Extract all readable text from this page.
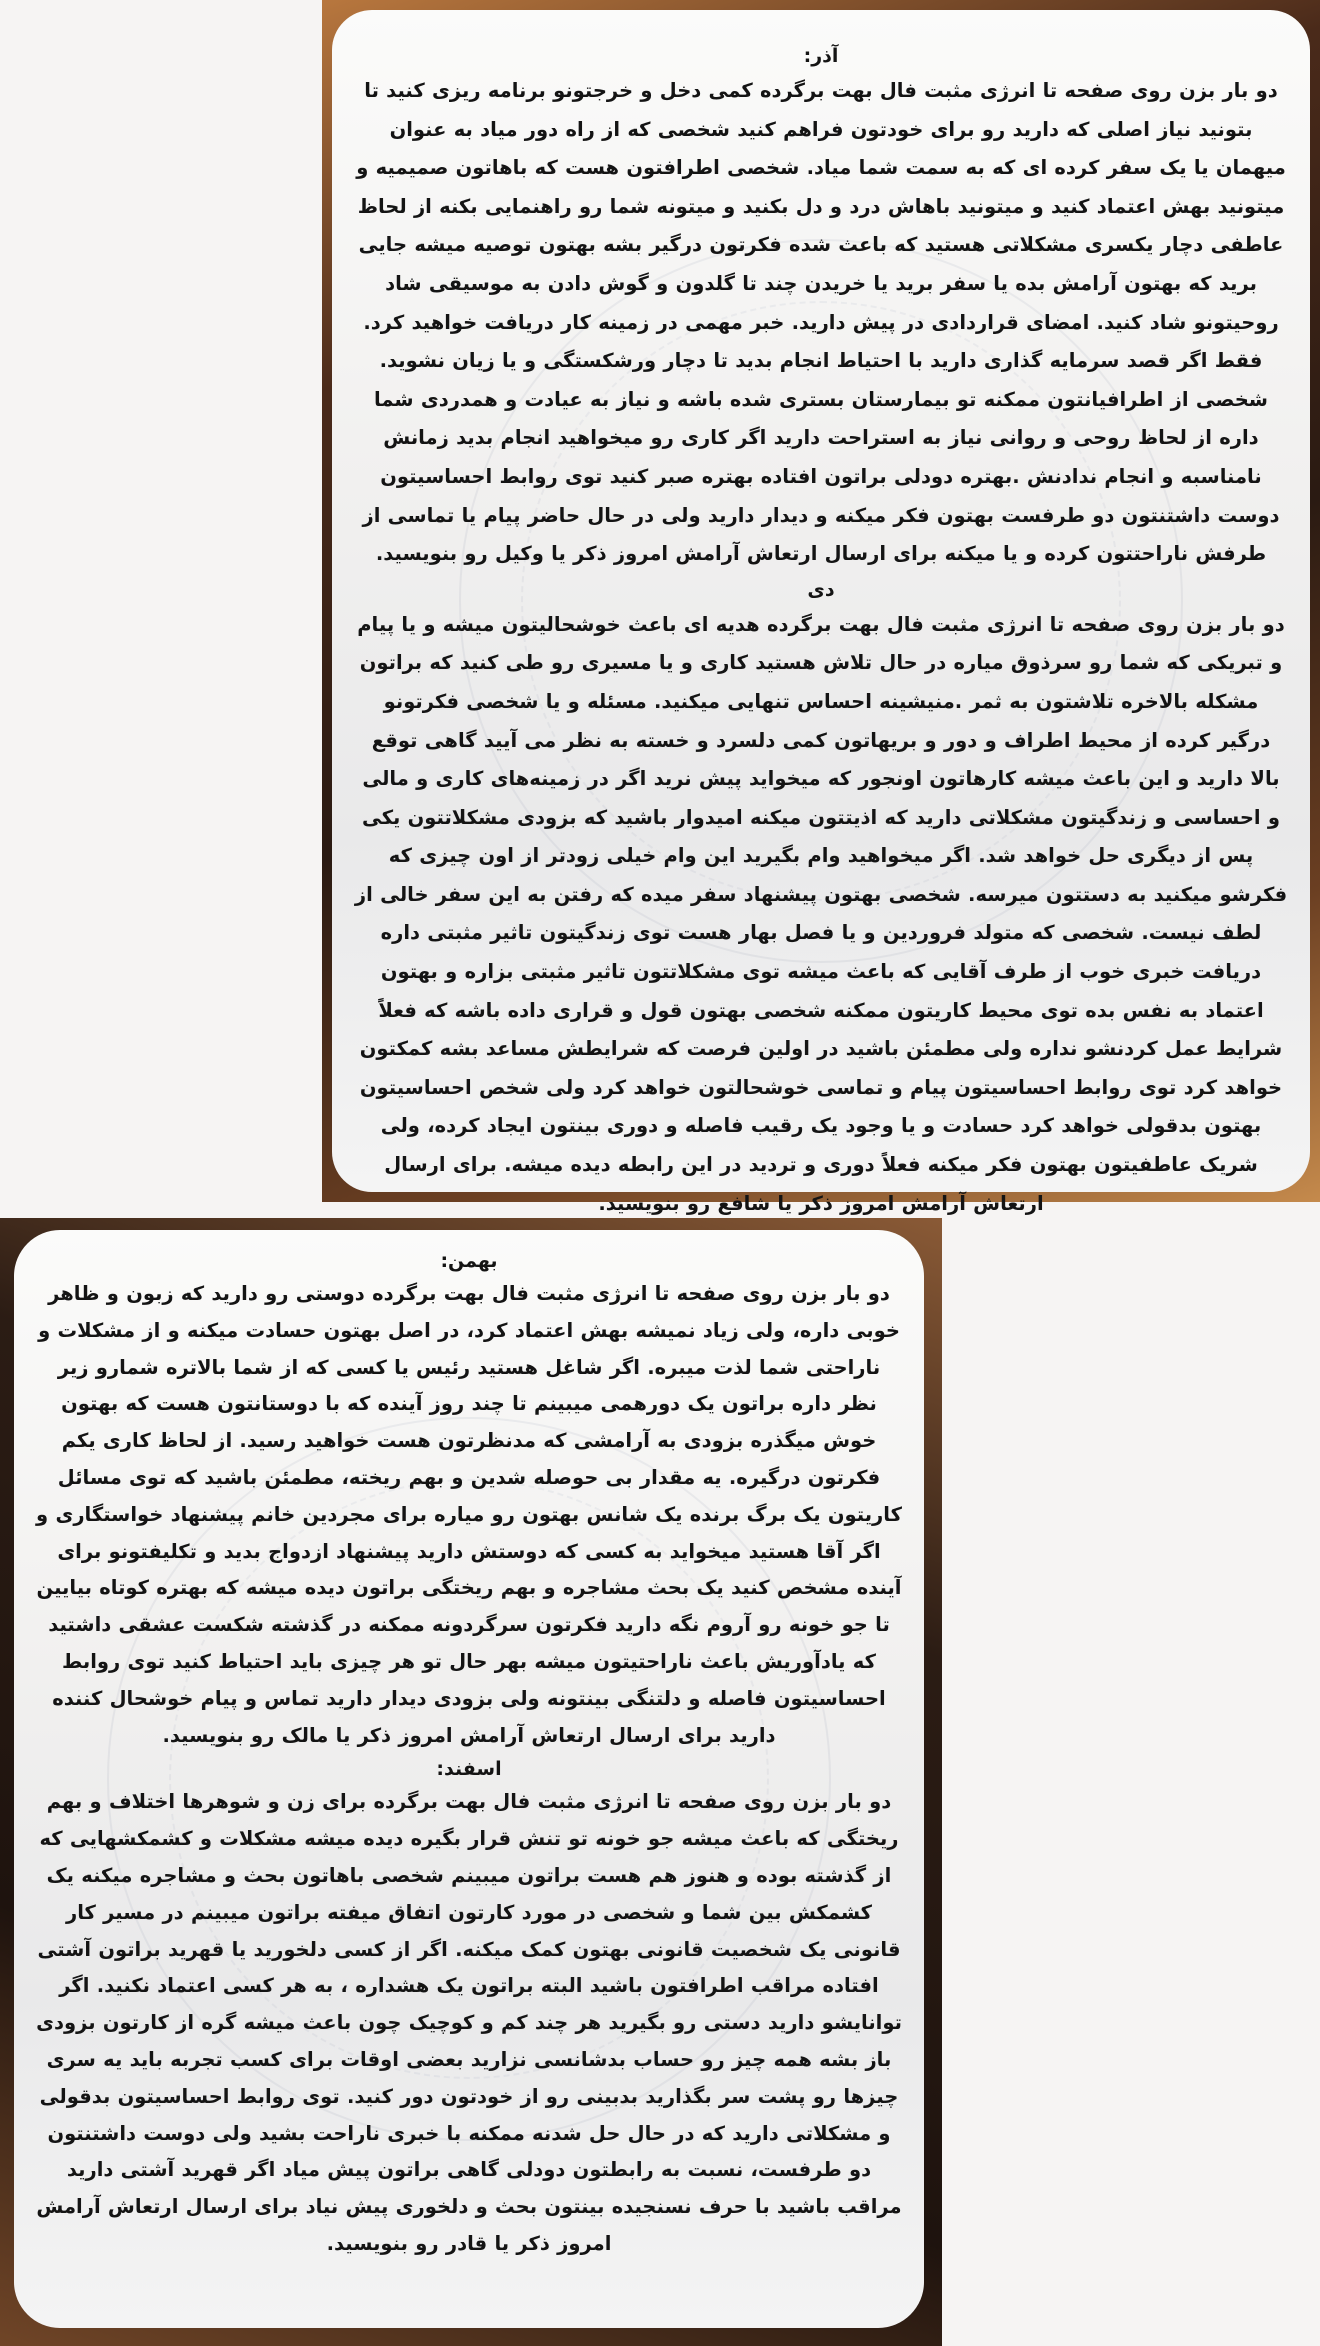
آذر:

دو بار بزن روی صفحه تا انرژی مثبت فال بهت برگرده کمی دخل و خرجتونو برنامه ریزی کنید تا بتونید نیاز اصلی که دارید رو برای خودتون فراهم کنید شخصی که از راه دور میاد به عنوان میهمان یا یک سفر کرده ای که به سمت شما میاد. شخصی اطرافتون هست که باهاتون صمیمیه و میتونید بهش اعتماد کنید و میتونید باهاش درد و دل بکنید و میتونه شما رو راهنمایی بکنه از لحاظ عاطفی دچار یکسری مشکلاتی هستید که باعث شده فکرتون درگیر بشه بهتون توصیه میشه جایی برید که بهتون آرامش بده یا سفر برید یا خریدن چند تا گلدون و گوش دادن به موسیقی شاد روحیتونو شاد کنید. امضای قراردادی در پیش دارید. خبر مهمی در زمینه کار دریافت خواهید کرد. فقط اگر قصد سرمایه گذاری دارید با احتیاط انجام بدید تا دچار ورشکستگی و یا زیان نشوید. شخصی از اطرافیانتون ممکنه تو بیمارستان بستری شده باشه و نیاز به عیادت و همدردی شما داره از لحاظ روحی و روانی نیاز به استراحت دارید اگر کاری رو میخواهید انجام بدید زمانش نامناسبه و انجام ندادنش .بهتره دودلی براتون افتاده بهتره صبر کنید توی روابط احساسیتون دوست داشتنتون دو طرفست بهتون فکر میکنه و دیدار دارید ولی در حال حاضر پیام یا تماسی از طرفش ناراحتتون کرده و یا میکنه برای ارسال ارتعاش آرامش امروز ذکر یا وکیل رو بنویسید.

دی

دو بار بزن روی صفحه تا انرژی مثبت فال بهت برگرده هدیه ای باعث خوشحالیتون میشه و یا پیام و تبریکی که شما رو سرذوق میاره در حال تلاش هستید کاری و یا مسیری رو طی کنید که براتون مشکله بالاخره تلاشتون به ثمر .منیشینه احساس تنهایی میکنید. مسئله و یا شخصی فکرتونو درگیر کرده از محیط اطراف و دور و بریهاتون کمی دلسرد و خسته به نظر می آیید گاهی توقع بالا دارید و این باعث میشه کارهاتون اونجور که میخواید پیش نرید اگر در زمینه‌های کاری و مالی و احساسی و زندگیتون مشکلاتی دارید که اذیتتون میکنه امیدوار باشید که بزودی مشکلاتتون یکی پس از دیگری حل خواهد شد. اگر میخواهید وام بگیرید این وام خیلی زودتر از اون چیزی که فکرشو میکنید به دستتون میرسه. شخصی بهتون پیشنهاد سفر میده که رفتن به این سفر خالی از لطف نیست. شخصی که متولد فروردین و یا فصل بهار هست توی زندگیتون تاثیر مثبتی داره دریافت خبری خوب از طرف آقایی که باعث میشه توی مشکلاتتون تاثیر مثبتی بزاره و بهتون اعتماد به نفس بده توی محیط کاریتون ممکنه شخصی بهتون قول و قراری داده باشه که فعلاً شرایط عمل کردنشو نداره ولی مطمئن باشید در اولین فرصت که شرایطش مساعد بشه کمکتون خواهد کرد توی روابط احساسیتون پیام و تماسی خوشحالتون خواهد کرد ولی شخص احساسیتون بهتون بدقولی خواهد کرد حسادت و یا وجود یک رقیب فاصله و دوری بینتون ایجاد کرده، ولی شریک عاطفیتون بهتون فکر میکنه فعلاً دوری و تردید در این رابطه دیده میشه. برای ارسال ارتعاش آرامش امروز ذکر یا شافع رو بنویسید.

بهمن:

دو بار بزن روی صفحه تا انرژی مثبت فال بهت برگرده دوستی رو دارید که زبون و ظاهر خوبی داره، ولی زیاد نمیشه بهش اعتماد کرد، در اصل بهتون حسادت میکنه و از مشکلات و ناراحتی شما لذت میبره. اگر شاغل هستید رئیس یا کسی که از شما بالاتره شمارو زیر نظر داره براتون یک دورهمی میبینم تا چند روز آینده که با دوستانتون هست که بهتون خوش میگذره بزودی به آرامشی که مدنظرتون هست خواهید رسید. از لحاظ کاری یکم فکرتون درگیره. یه مقدار بی حوصله شدین و بهم ریخته، مطمئن باشید که توی مسائل کاریتون یک برگ برنده یک شانس بهتون رو میاره برای مجردین خانم پیشنهاد خواستگاری و اگر آقا هستید میخواید به کسی که دوستش دارید پیشنهاد ازدواج بدید و تکلیفتونو برای آینده مشخص کنید یک بحث مشاجره و بهم ریختگی براتون دیده میشه که بهتره کوتاه بیایین تا جو خونه رو آروم نگه دارید فکرتون سرگردونه ممکنه در گذشته شکست عشقی داشتید که یادآوریش باعث ناراحتیتون میشه بهر حال تو هر چیزی باید احتیاط کنید توی روابط احساسیتون فاصله و دلتنگی بینتونه ولی بزودی دیدار دارید تماس و پیام خوشحال کننده دارید برای ارسال ارتعاش آرامش امروز ذکر یا مالک رو بنویسید.

اسفند:

دو بار بزن روی صفحه تا انرژی مثبت فال بهت برگرده برای زن و شوهرها اختلاف و بهم ریختگی که باعث میشه جو خونه تو تنش قرار بگیره دیده میشه مشکلات و کشمکشهایی که از گذشته بوده و هنوز هم هست براتون میبینم شخصی باهاتون بحث و مشاجره میکنه یک کشمکش بین شما و شخصی در مورد کارتون اتفاق میفته براتون میبینم در مسیر کار قانونی یک شخصیت قانونی بهتون کمک میکنه. اگر از کسی دلخورید یا قهرید براتون آشتی افتاده مراقب اطرافتون باشید البته براتون یک هشداره ، به هر کسی اعتماد نکنید. اگر توانایشو دارید دستی رو بگیرید هر چند کم و کوچیک چون باعث میشه گره از کارتون بزودی باز بشه همه چیز رو حساب بدشانسی نزارید بعضی اوقات برای کسب تجربه باید یه سری چیزها رو پشت سر بگذارید بدبینی رو از خودتون دور کنید. توی روابط احساسیتون بدقولی و مشکلاتی دارید که در حال حل شدنه ممکنه با خبری ناراحت بشید ولی دوست داشتنتون دو طرفست، نسبت به رابطتون دودلی گاهی براتون پیش میاد اگر قهرید آشتی دارید مراقب باشید با حرف نسنجیده بینتون بحث و دلخوری پیش نیاد برای ارسال ارتعاش آرامش امروز ذکر یا قادر رو بنویسید.
